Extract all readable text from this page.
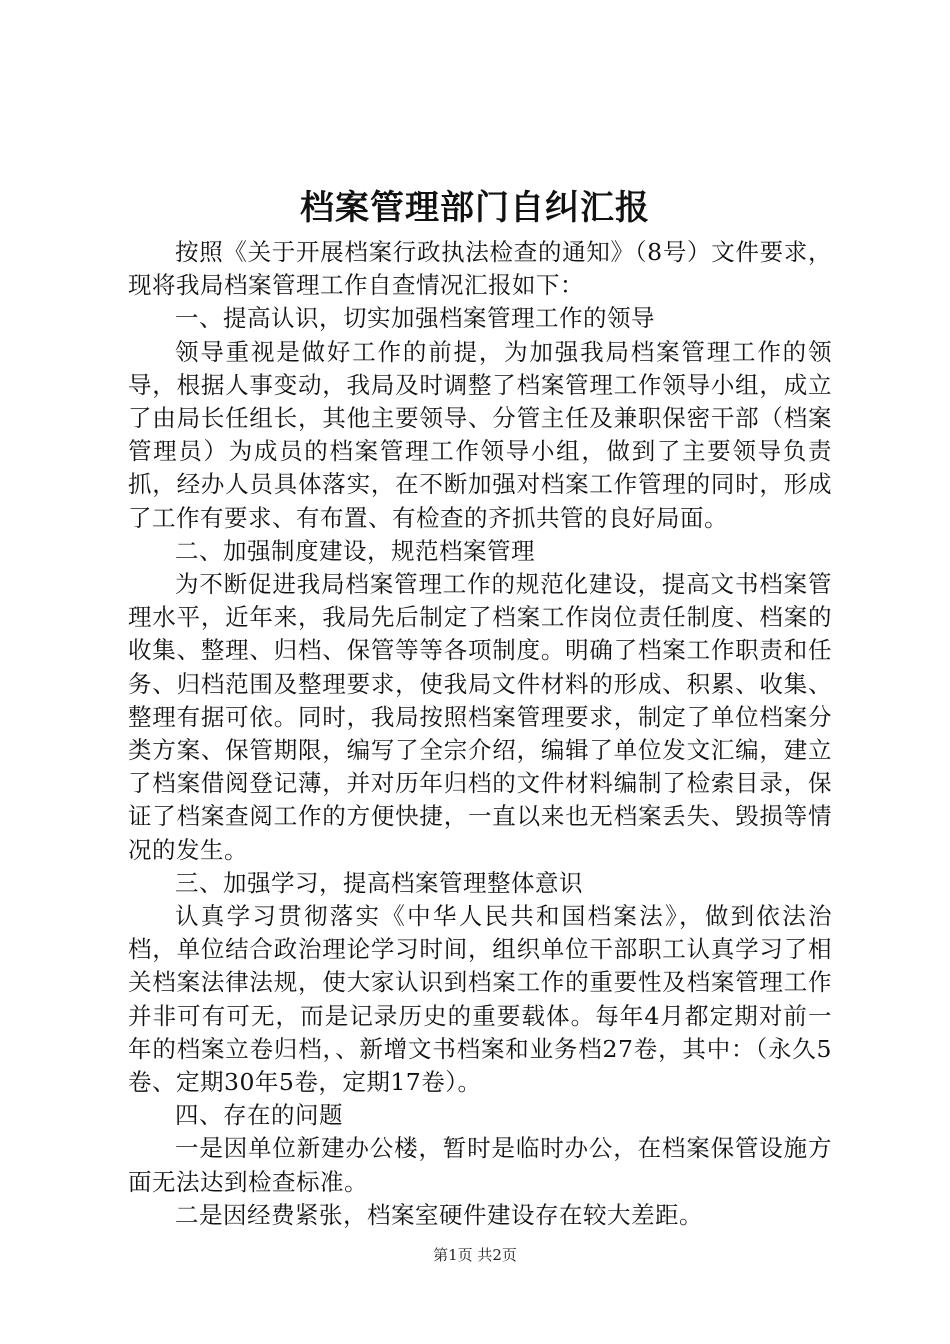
档案管理部门自纠汇报

按照《关于开展档案行政执法检查的通知》（8号）文件要求，现将我局档案管理工作自查情况汇报如下：

一、提高认识，切实加强档案管理工作的领导

领导重视是做好工作的前提，为加强我局档案管理工作的领导，根据人事变动，我局及时调整了档案管理工作领导小组，成立了由局长任组长，其他主要领导、分管主任及兼职保密干部（档案管理员）为成员的档案管理工作领导小组，做到了主要领导负责抓，经办人员具体落实，在不断加强对档案工作管理的同时，形成了工作有要求、有布置、有检查的齐抓共管的良好局面。

二、加强制度建设，规范档案管理

为不断促进我局档案管理工作的规范化建设，提高文书档案管理水平，近年来，我局先后制定了档案工作岗位责任制度、档案的收集、整理、归档、保管等等各项制度。明确了档案工作职责和任务、归档范围及整理要求，使我局文件材料的形成、积累、收集、整理有据可依。同时，我局按照档案管理要求，制定了单位档案分类方案、保管期限，编写了全宗介绍，编辑了单位发文汇编，建立了档案借阅登记薄，并对历年归档的文件材料编制了检索目录，保证了档案查阅工作的方便快捷，一直以来也无档案丢失、毁损等情况的发生。

三、加强学习，提高档案管理整体意识

认真学习贯彻落实《中华人民共和国档案法》，做到依法治档，单位结合政治理论学习时间，组织单位干部职工认真学习了相关档案法律法规，使大家认识到档案工作的重要性及档案管理工作并非可有可无，而是记录历史的重要载体。每年4月都定期对前一年的档案立卷归档，、新增文书档案和业务档27卷，其中：（永久5卷、定期30年5卷，定期17卷）。

四、存在的问题

一是因单位新建办公楼，暂时是临时办公，在档案保管设施方面无法达到检查标准。

二是因经费紧张，档案室硬件建设存在较大差距。

第1页 共2页
